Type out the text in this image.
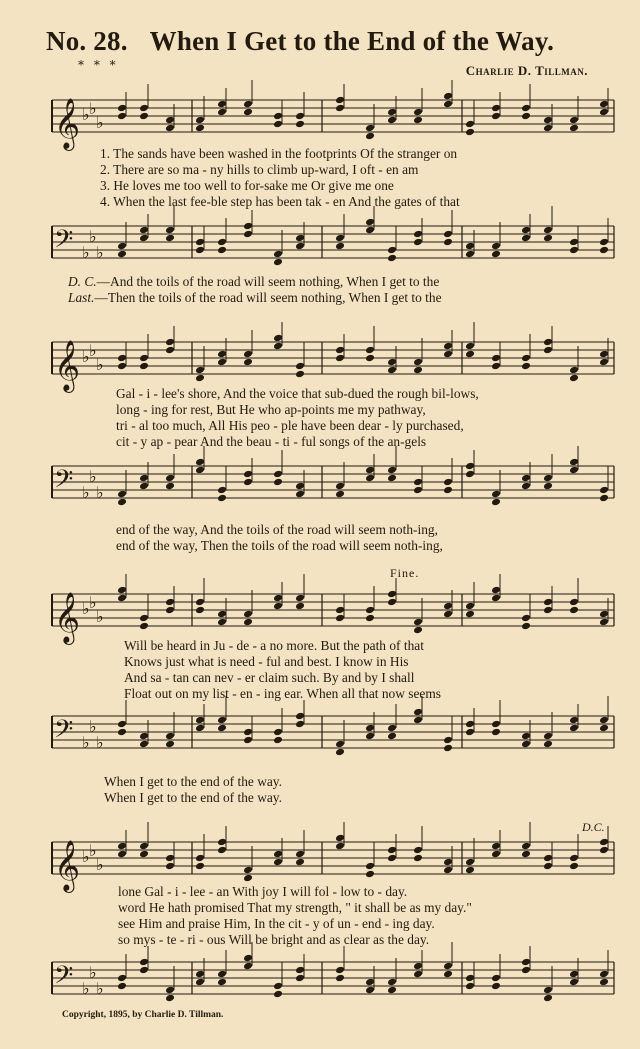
No. 28. When I Get to the End of the Way.
* * *	Charlie D. Tillman.
𝄞 ♭ ♭
♭
1. The sands have been washed in the footprints Of the stranger on
2. There are so ma - ny hills to climb up-ward, I oft - en am
3. He loves me too well to for-sake me Or give me one
4. When the last fee-ble step has been tak - en And the gates of that
𝄢 ♭
♭
♭
D. C.—And the toils of the road will seem nothing, When I get to the
Last.—Then the toils of the road will seem nothing, When I get to the
𝄞 ♭ ♭
♭
Gal - i - lee's shore, And the voice that sub-dued the rough bil-lows,
long - ing for rest, But He who ap-points me my pathway,
tri - al too much, All His peo - ple have been dear - ly purchased,
cit - y ap - pear And the beau - ti - ful songs of the an-gels
𝄢 ♭
♭
♭
end of the way, And the toils of the road will seem noth-ing,
end of the way, Then the toils of the road will seem noth-ing,
Fine.
𝄞 ♭ ♭
♭
Will be heard in Ju - de - a no more. But the path of that
Knows just what is need - ful and best. I know in His
And sa - tan can nev - er claim such. By and by I shall
Float out on my list - en - ing ear. When all that now seems
𝄢 ♭
♭
♭
When I get to the end of the way.
When I get to the end of the way.
D.C.
𝄞 ♭ ♭
♭
lone Gal - i - lee - an With joy I will fol - low to - day.
word He hath promised That my strength, " it shall be as my day."
see Him and praise Him, In the cit - y of un - end - ing day.
so mys - te - ri - ous Will be bright and as clear as the day.
𝄢 ♭
♭
♭
Copyright, 1895, by Charlie D. Tillman.
